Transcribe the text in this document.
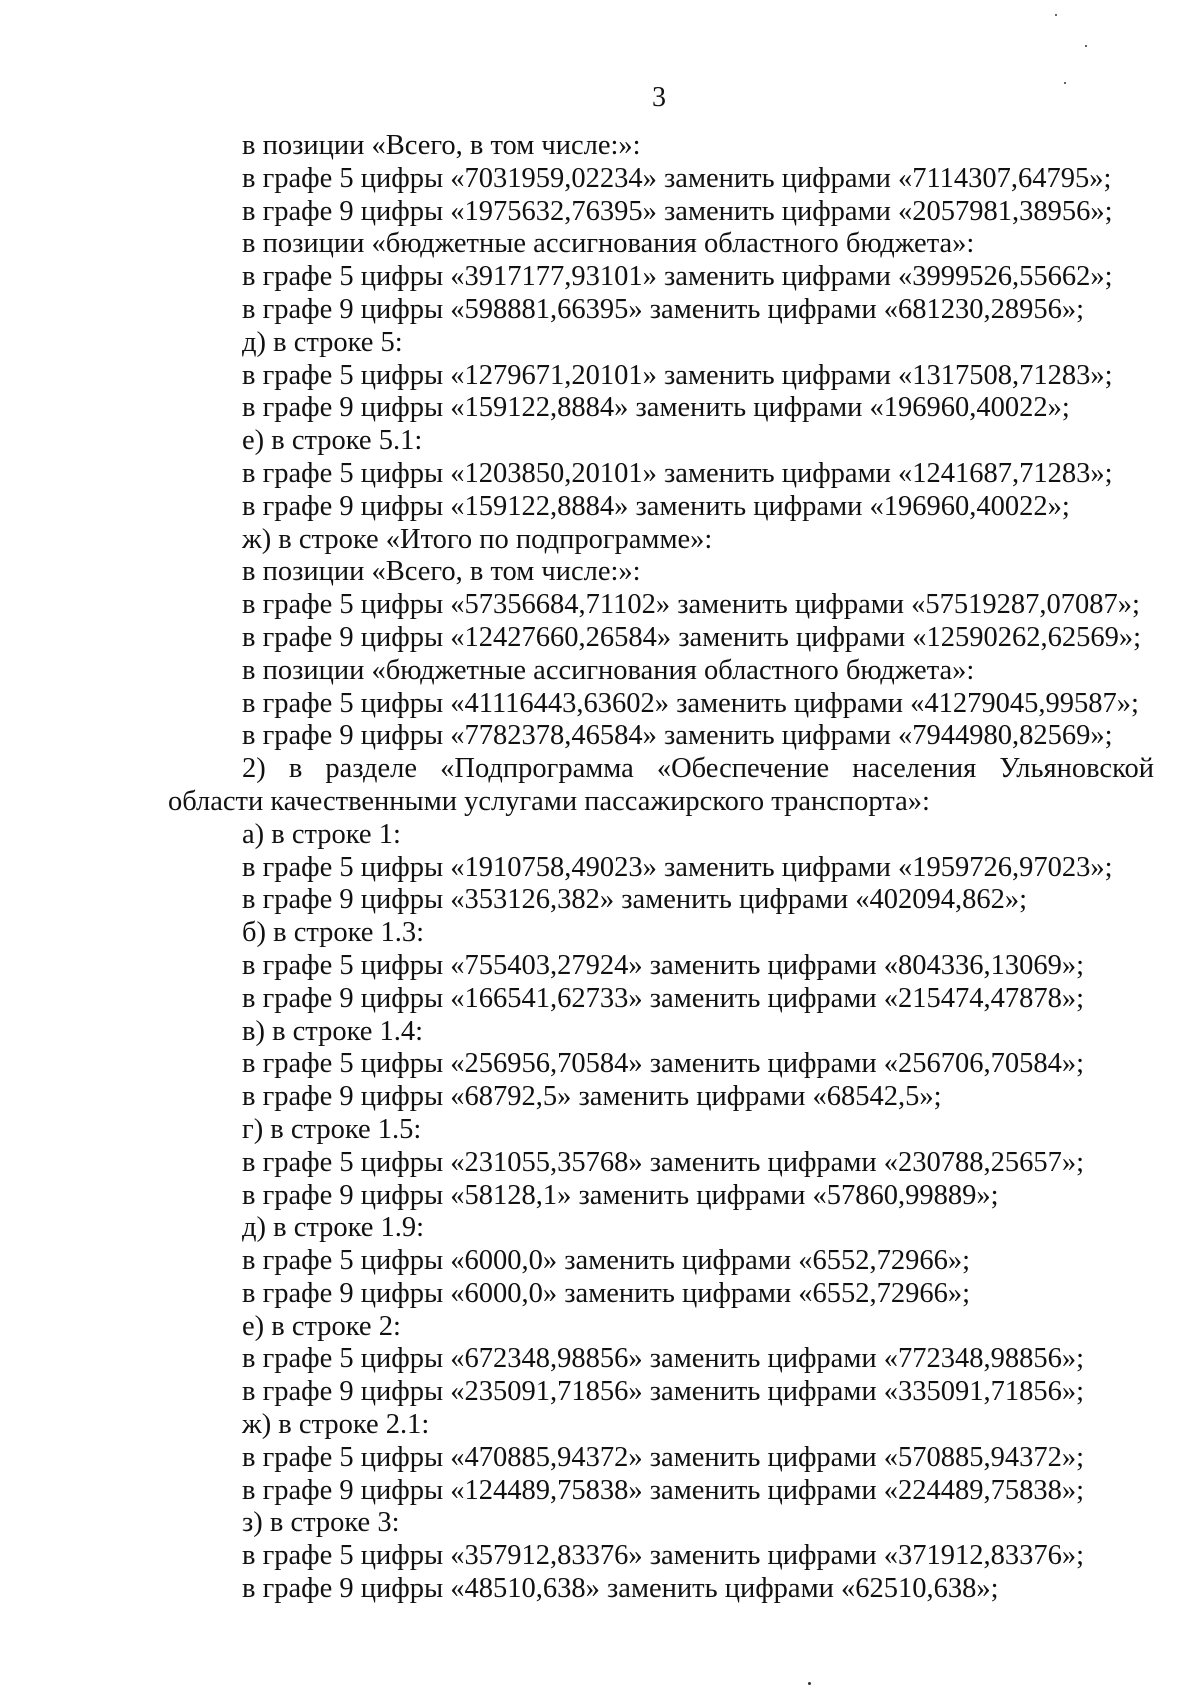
3
в позиции «Всего, в том числе:»:
в графе 5 цифры «7031959,02234» заменить цифрами «7114307,64795»;
в графе 9 цифры «1975632,76395» заменить цифрами «2057981,38956»;
в позиции «бюджетные ассигнования областного бюджета»:
в графе 5 цифры «3917177,93101» заменить цифрами «3999526,55662»;
в графе 9 цифры «598881,66395» заменить цифрами «681230,28956»;
д) в строке 5:
в графе 5 цифры «1279671,20101» заменить цифрами «1317508,71283»;
в графе 9 цифры «159122,8884» заменить цифрами «196960,40022»;
е) в строке 5.1:
в графе 5 цифры «1203850,20101» заменить цифрами «1241687,71283»;
в графе 9 цифры «159122,8884» заменить цифрами «196960,40022»;
ж) в строке «Итого по подпрограмме»:
в позиции «Всего, в том числе:»:
в графе 5 цифры «57356684,71102» заменить цифрами «57519287,07087»;
в графе 9 цифры «12427660,26584» заменить цифрами «12590262,62569»;
в позиции «бюджетные ассигнования областного бюджета»:
в графе 5 цифры «41116443,63602» заменить цифрами «41279045,99587»;
в графе 9 цифры «7782378,46584» заменить цифрами «7944980,82569»;
2) в разделе «Подпрограмма «Обеспечение населения Ульяновской
области качественными услугами пассажирского транспорта»:
а) в строке 1:
в графе 5 цифры «1910758,49023» заменить цифрами «1959726,97023»;
в графе 9 цифры «353126,382» заменить цифрами «402094,862»;
б) в строке 1.3:
в графе 5 цифры «755403,27924» заменить цифрами «804336,13069»;
в графе 9 цифры «166541,62733» заменить цифрами «215474,47878»;
в) в строке 1.4:
в графе 5 цифры «256956,70584» заменить цифрами «256706,70584»;
в графе 9 цифры «68792,5» заменить цифрами «68542,5»;
г) в строке 1.5:
в графе 5 цифры «231055,35768» заменить цифрами «230788,25657»;
в графе 9 цифры «58128,1» заменить цифрами «57860,99889»;
д) в строке 1.9:
в графе 5 цифры «6000,0» заменить цифрами «6552,72966»;
в графе 9 цифры «6000,0» заменить цифрами «6552,72966»;
е) в строке 2:
в графе 5 цифры «672348,98856» заменить цифрами «772348,98856»;
в графе 9 цифры «235091,71856» заменить цифрами «335091,71856»;
ж) в строке 2.1:
в графе 5 цифры «470885,94372» заменить цифрами «570885,94372»;
в графе 9 цифры «124489,75838» заменить цифрами «224489,75838»;
з) в строке 3:
в графе 5 цифры «357912,83376» заменить цифрами «371912,83376»;
в графе 9 цифры «48510,638» заменить цифрами «62510,638»;
